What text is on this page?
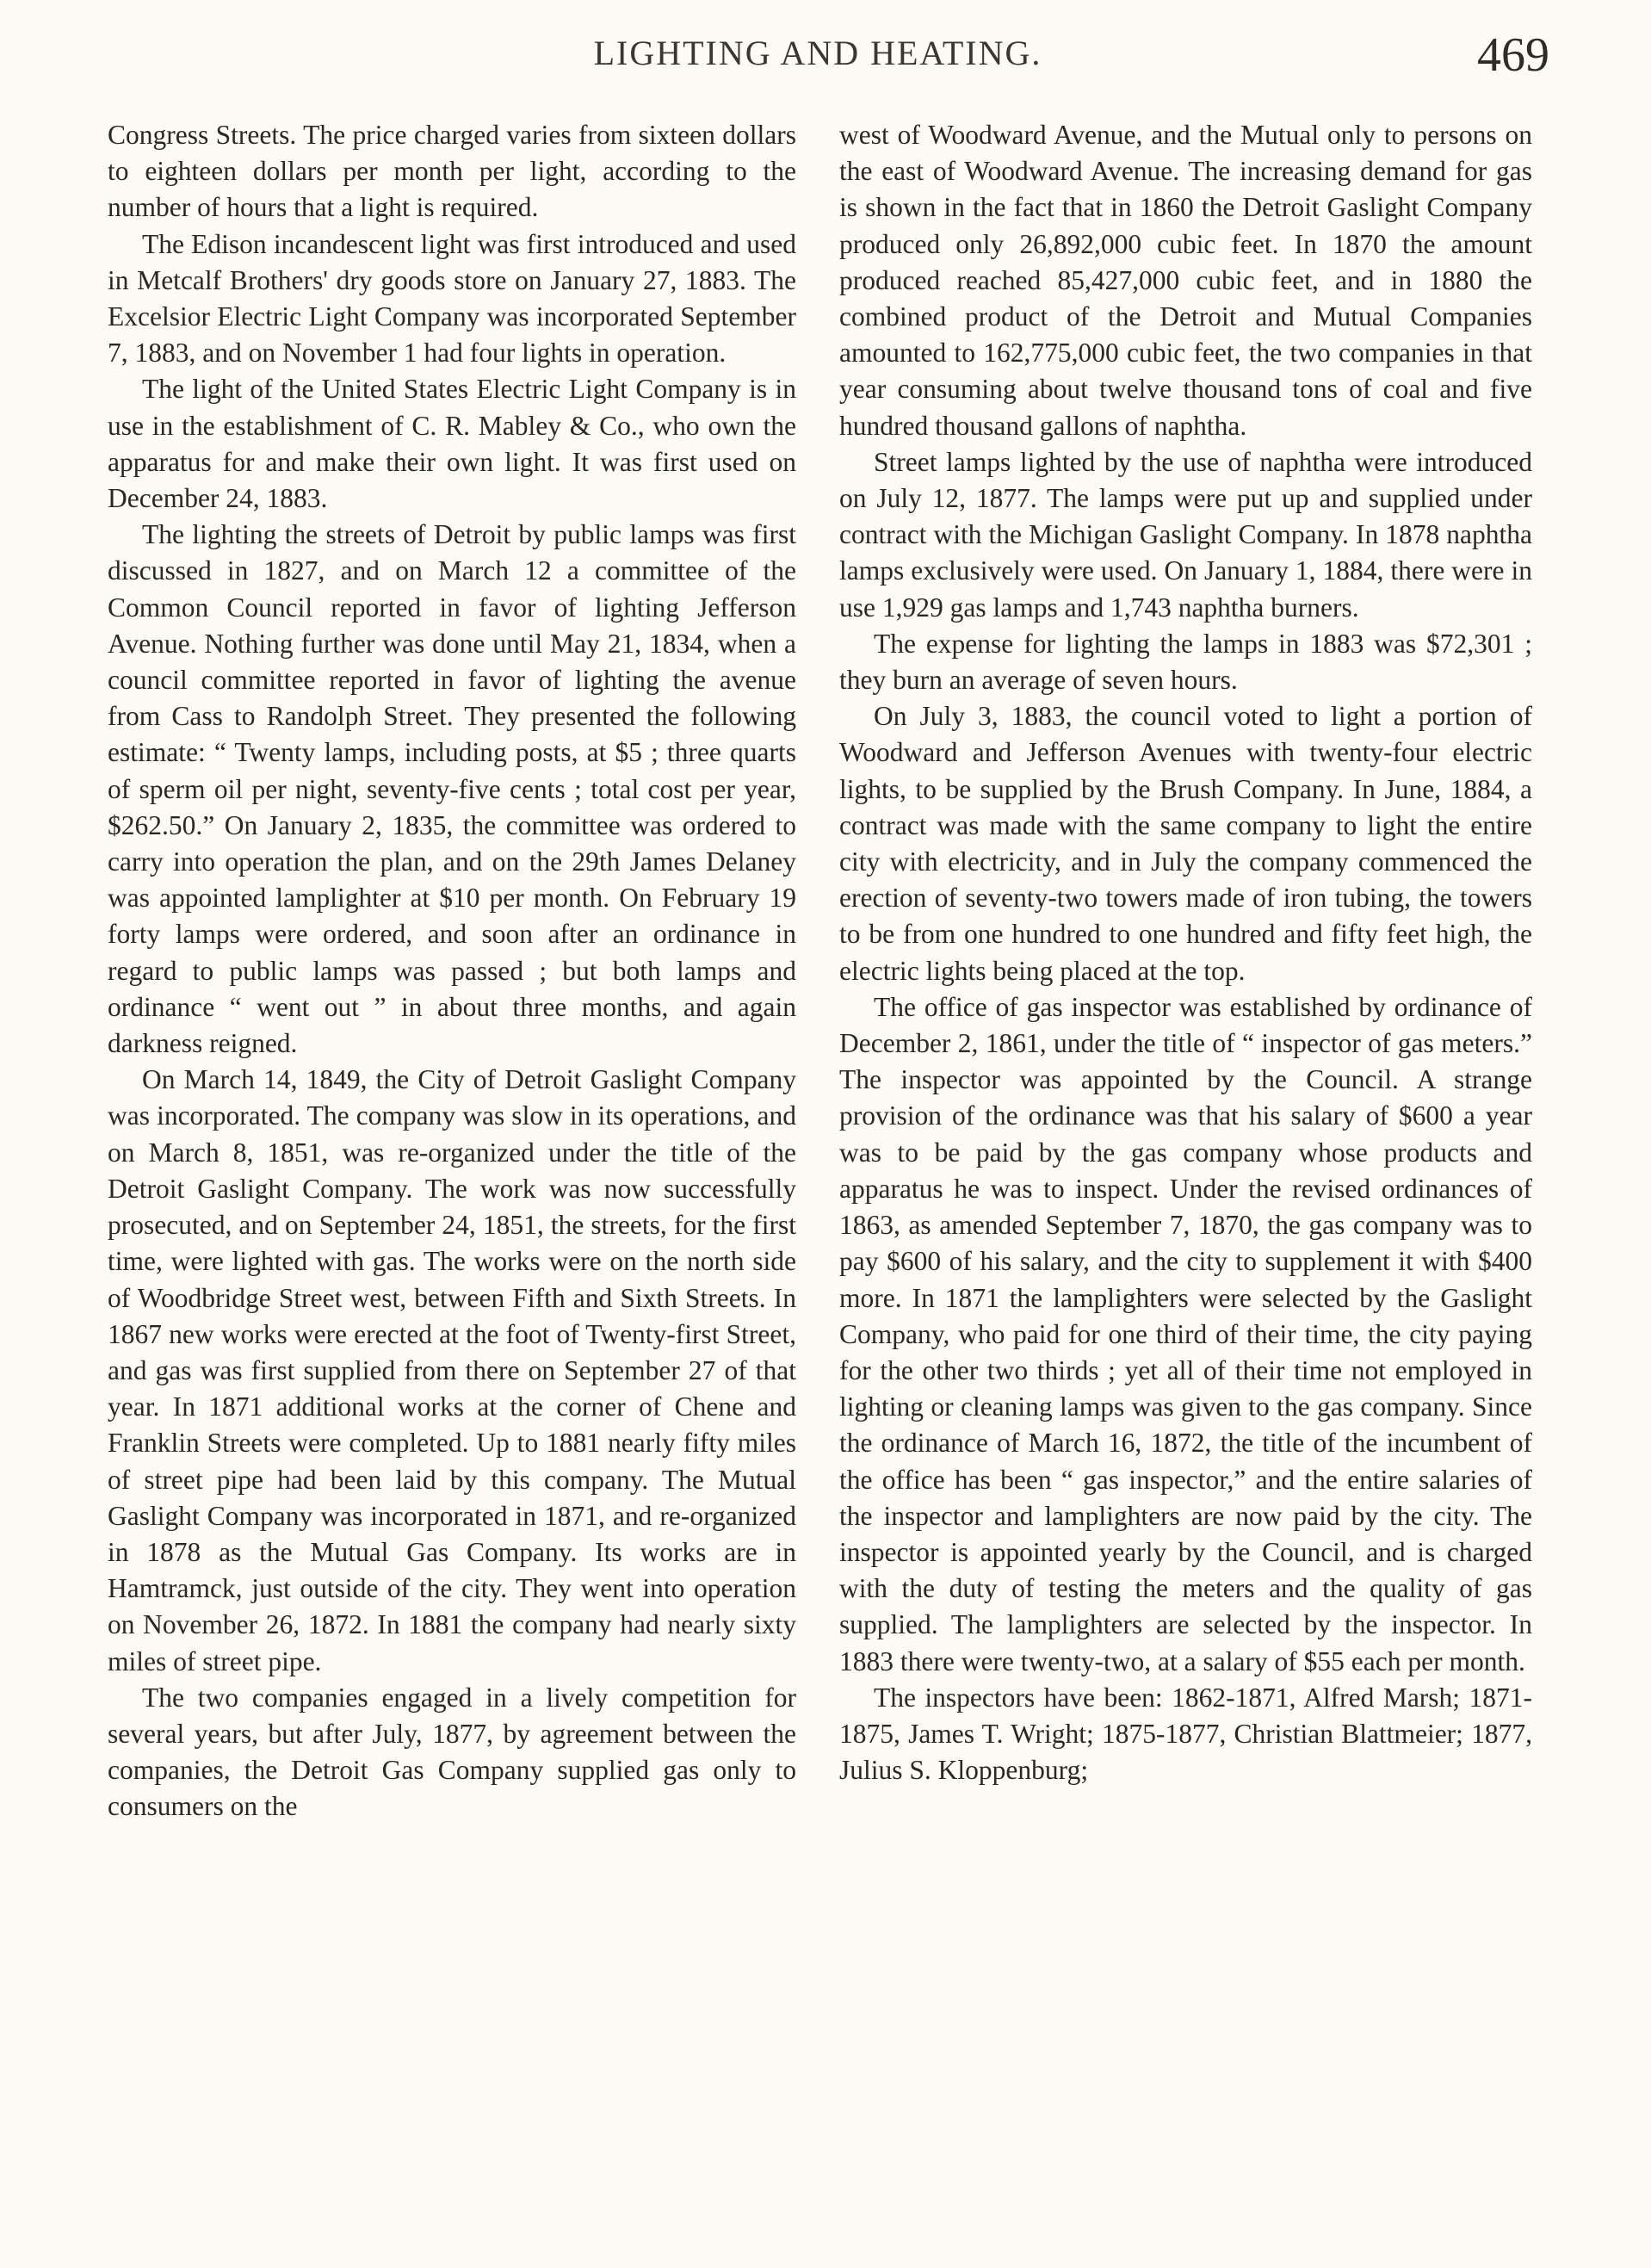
LIGHTING AND HEATING.	469

Congress Streets. The price charged varies from sixteen dollars to eighteen dollars per month per light, according to the number of hours that a light is required.

The Edison incandescent light was first introduced and used in Metcalf Brothers' dry goods store on January 27, 1883. The Excelsior Electric Light Company was incorporated September 7, 1883, and on November 1 had four lights in operation.

The light of the United States Electric Light Company is in use in the establishment of C. R. Mabley & Co., who own the apparatus for and make their own light. It was first used on December 24, 1883.

The lighting the streets of Detroit by public lamps was first discussed in 1827, and on March 12 a committee of the Common Council reported in favor of lighting Jefferson Avenue. Nothing further was done until May 21, 1834, when a council committee reported in favor of lighting the avenue from Cass to Randolph Street. They presented the following estimate: “ Twenty lamps, including posts, at $5 ; three quarts of sperm oil per night, seventy-five cents ; total cost per year, $262.50.” On January 2, 1835, the committee was ordered to carry into operation the plan, and on the 29th James Delaney was appointed lamplighter at $10 per month. On February 19 forty lamps were ordered, and soon after an ordinance in regard to public lamps was passed ; but both lamps and ordinance “ went out ” in about three months, and again darkness reigned.

On March 14, 1849, the City of Detroit Gaslight Company was incorporated. The company was slow in its operations, and on March 8, 1851, was re-organized under the title of the Detroit Gaslight Company. The work was now successfully prosecuted, and on September 24, 1851, the streets, for the first time, were lighted with gas. The works were on the north side of Woodbridge Street west, between Fifth and Sixth Streets. In 1867 new works were erected at the foot of Twenty-first Street, and gas was first supplied from there on September 27 of that year. In 1871 additional works at the corner of Chene and Franklin Streets were completed. Up to 1881 nearly fifty miles of street pipe had been laid by this company. The Mutual Gaslight Company was incorporated in 1871, and re-organized in 1878 as the Mutual Gas Company. Its works are in Hamtramck, just outside of the city. They went into operation on November 26, 1872. In 1881 the company had nearly sixty miles of street pipe.

The two companies engaged in a lively competition for several years, but after July, 1877, by agreement between the companies, the Detroit Gas Company supplied gas only to consumers on the

west of Woodward Avenue, and the Mutual only to persons on the east of Woodward Avenue. The increasing demand for gas is shown in the fact that in 1860 the Detroit Gaslight Company produced only 26,892,000 cubic feet. In 1870 the amount produced reached 85,427,000 cubic feet, and in 1880 the combined product of the Detroit and Mutual Companies amounted to 162,775,000 cubic feet, the two companies in that year consuming about twelve thousand tons of coal and five hundred thousand gallons of naphtha.

Street lamps lighted by the use of naphtha were introduced on July 12, 1877. The lamps were put up and supplied under contract with the Michigan Gaslight Company. In 1878 naphtha lamps exclusively were used. On January 1, 1884, there were in use 1,929 gas lamps and 1,743 naphtha burners.

The expense for lighting the lamps in 1883 was $72,301 ; they burn an average of seven hours.

On July 3, 1883, the council voted to light a portion of Woodward and Jefferson Avenues with twenty-four electric lights, to be supplied by the Brush Company. In June, 1884, a contract was made with the same company to light the entire city with electricity, and in July the company commenced the erection of seventy-two towers made of iron tubing, the towers to be from one hundred to one hundred and fifty feet high, the electric lights being placed at the top.

The office of gas inspector was established by ordinance of December 2, 1861, under the title of “ inspector of gas meters.” The inspector was appointed by the Council. A strange provision of the ordinance was that his salary of $600 a year was to be paid by the gas company whose products and apparatus he was to inspect. Under the revised ordinances of 1863, as amended September 7, 1870, the gas company was to pay $600 of his salary, and the city to supplement it with $400 more. In 1871 the lamplighters were selected by the Gaslight Company, who paid for one third of their time, the city paying for the other two thirds ; yet all of their time not employed in lighting or cleaning lamps was given to the gas company. Since the ordinance of March 16, 1872, the title of the incumbent of the office has been “ gas inspector,” and the entire salaries of the inspector and lamplighters are now paid by the city. The inspector is appointed yearly by the Council, and is charged with the duty of testing the meters and the quality of gas supplied. The lamplighters are selected by the inspector. In 1883 there were twenty-two, at a salary of $55 each per month.

The inspectors have been: 1862-1871, Alfred Marsh; 1871-1875, James T. Wright; 1875-1877, Christian Blattmeier; 1877, Julius S. Kloppenburg;
